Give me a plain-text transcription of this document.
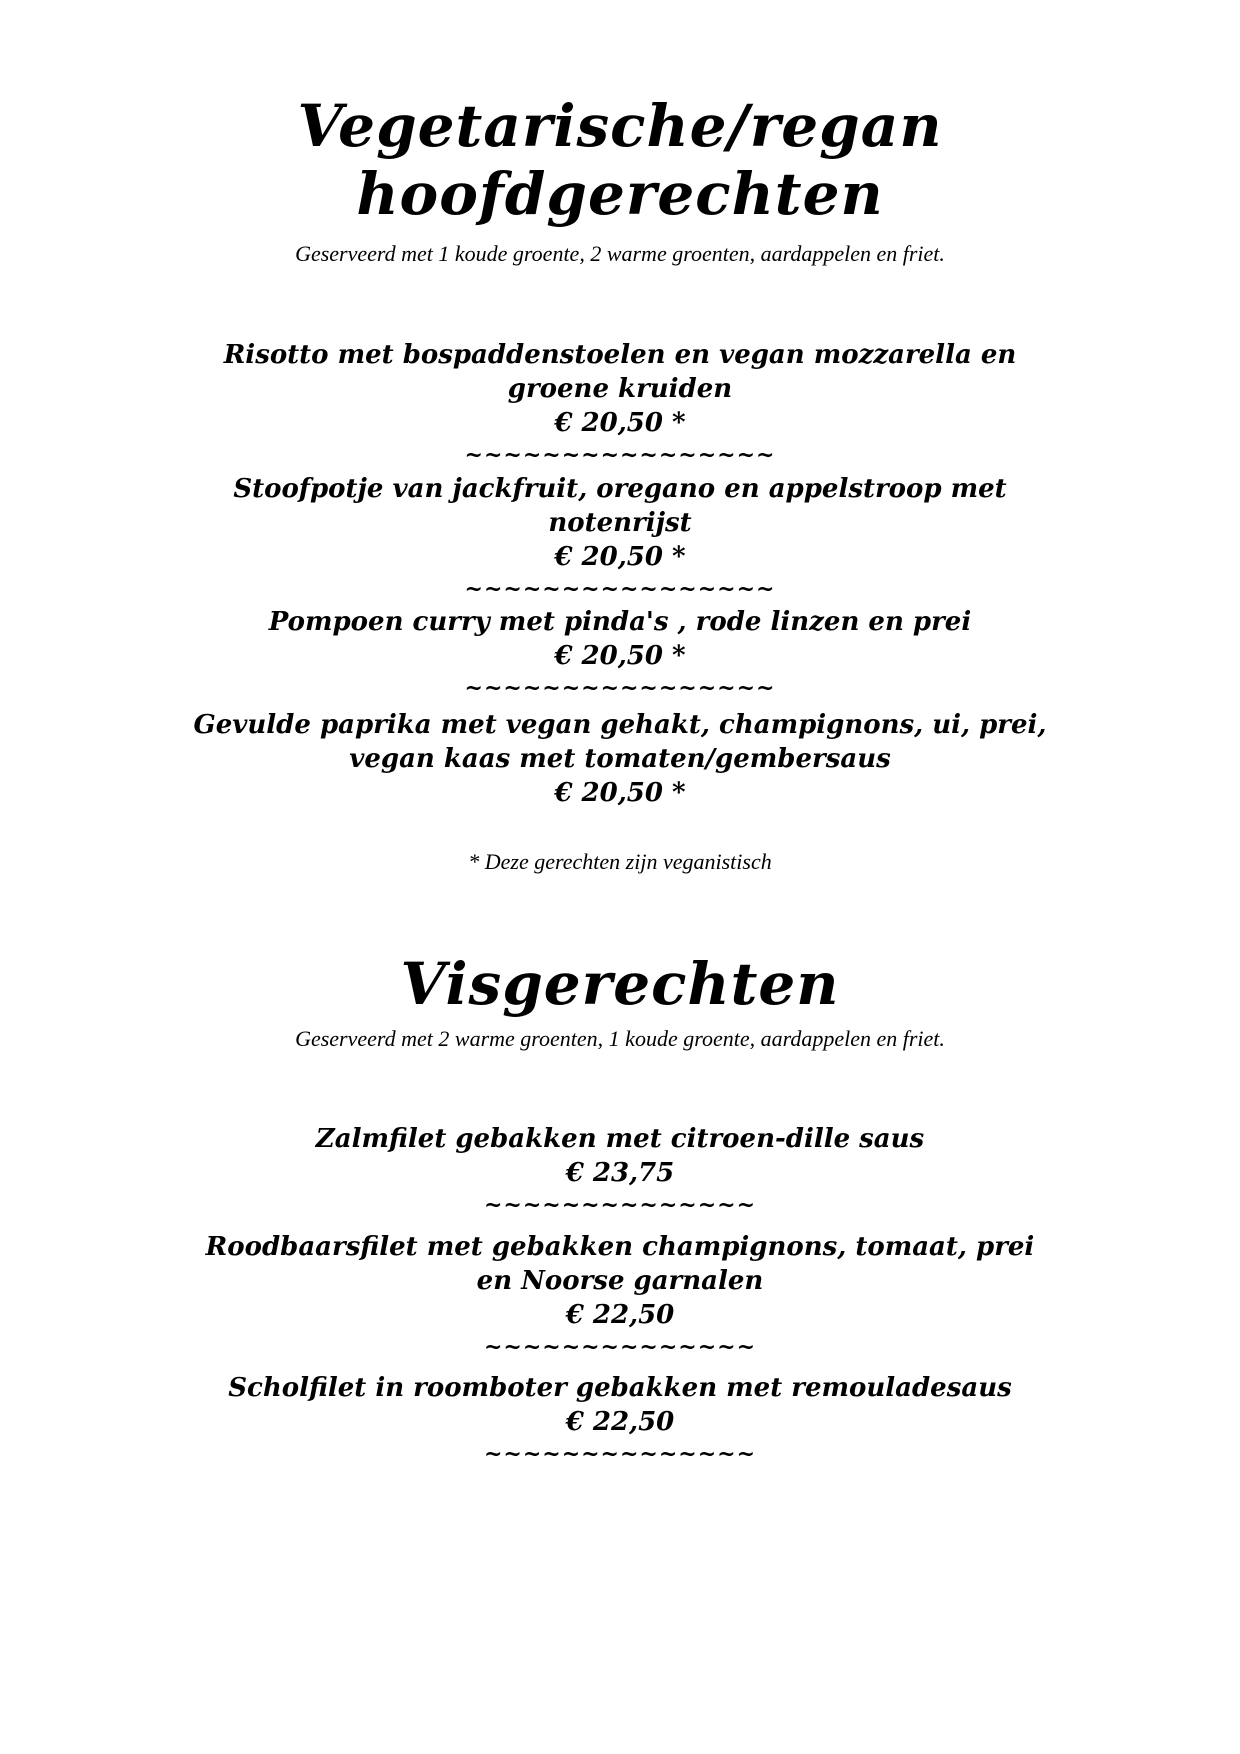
Vegetarische/regan

hoofdgerechten

Geserveerd met 1 koude groente, 2 warme groenten, aardappelen en friet.

Risotto met bospaddenstoelen en vegan mozzarella en

groene kruiden

€ 20,50 *

~~~~~~~~~~~~~~~~

Stoofpotje van jackfruit, oregano en appelstroop met

notenrijst

€ 20,50 *

~~~~~~~~~~~~~~~~

Pompoen curry met pinda's , rode linzen en prei

€ 20,50 *

~~~~~~~~~~~~~~~~

Gevulde paprika met vegan gehakt, champignons, ui, prei,

vegan kaas met tomaten/gembersaus

€ 20,50 *

* Deze gerechten zijn veganistisch

Visgerechten

Geserveerd met 2 warme groenten, 1 koude groente, aardappelen en friet.

Zalmfilet gebakken met citroen-dille saus

€ 23,75

~~~~~~~~~~~~~~

Roodbaarsfilet met gebakken champignons, tomaat, prei

en Noorse garnalen

€ 22,50

~~~~~~~~~~~~~~

Scholfilet in roomboter gebakken met remouladesaus

€ 22,50

~~~~~~~~~~~~~~
